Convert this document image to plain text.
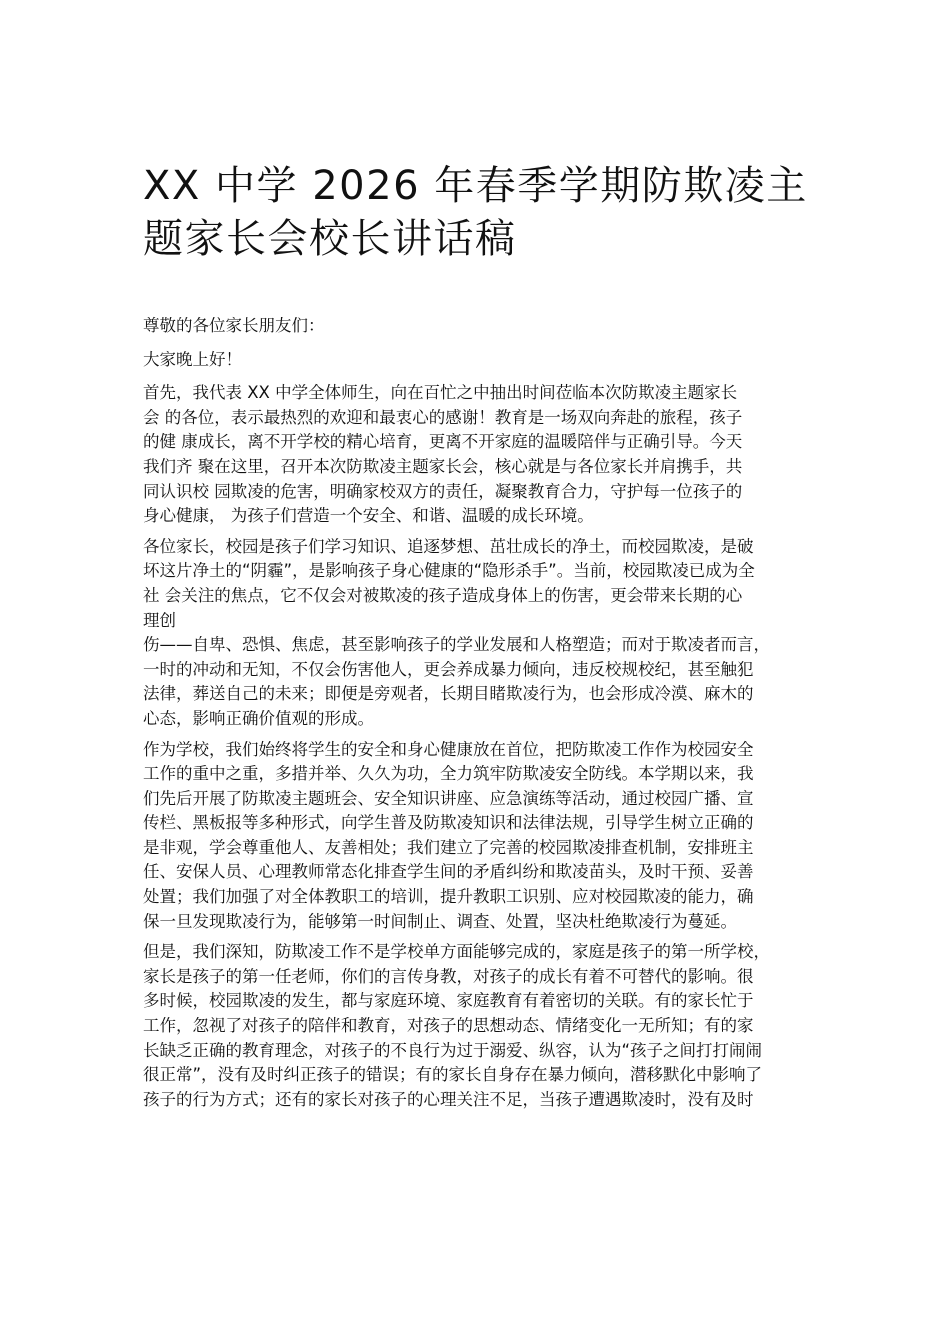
XX 中学 2026 年春季学期防欺凌主题家长会校长讲话稿

尊敬的各位家长朋友们：

大家晚上好！

首先，我代表 XX 中学全体师生，向在百忙之中抽出时间莅临本次防欺凌主题家长
会 的各位，表示最热烈的欢迎和最衷心的感谢！教育是一场双向奔赴的旅程，孩子
的健 康成长，离不开学校的精心培育，更离不开家庭的温暖陪伴与正确引导。今天
我们齐 聚在这里，召开本次防欺凌主题家长会，核心就是与各位家长并肩携手，共
同认识校 园欺凌的危害，明确家校双方的责任，凝聚教育合力，守护每一位孩子的
身心健康， 为孩子们营造一个安全、和谐、温暖的成长环境。
各位家长，校园是孩子们学习知识、追逐梦想、茁壮成长的净土，而校园欺凌，是破
坏这片净土的“阴霾”，是影响孩子身心健康的“隐形杀手”。当前，校园欺凌已成为全
社 会关注的焦点，它不仅会对被欺凌的孩子造成身体上的伤害，更会带来长期的心
理创
伤——自卑、恐惧、焦虑，甚至影响孩子的学业发展和人格塑造；而对于欺凌者而言，
一时的冲动和无知，不仅会伤害他人，更会养成暴力倾向，违反校规校纪，甚至触犯
法律，葬送自己的未来；即便是旁观者，长期目睹欺凌行为，也会形成冷漠、麻木的
心态，影响正确价值观的形成。
作为学校，我们始终将学生的安全和身心健康放在首位，把防欺凌工作作为校园安全
工作的重中之重，多措并举、久久为功，全力筑牢防欺凌安全防线。本学期以来，我
们先后开展了防欺凌主题班会、安全知识讲座、应急演练等活动，通过校园广播、宣
传栏、黑板报等多种形式，向学生普及防欺凌知识和法律法规，引导学生树立正确的
是非观，学会尊重他人、友善相处；我们建立了完善的校园欺凌排查机制，安排班主
任、安保人员、心理教师常态化排查学生间的矛盾纠纷和欺凌苗头，及时干预、妥善
处置；我们加强了对全体教职工的培训，提升教职工识别、应对校园欺凌的能力，确
保一旦发现欺凌行为，能够第一时间制止、调查、处置，坚决杜绝欺凌行为蔓延。
但是，我们深知，防欺凌工作不是学校单方面能够完成的，家庭是孩子的第一所学校，
家长是孩子的第一任老师，你们的言传身教，对孩子的成长有着不可替代的影响。很
多时候，校园欺凌的发生，都与家庭环境、家庭教育有着密切的关联。有的家长忙于
工作，忽视了对孩子的陪伴和教育，对孩子的思想动态、情绪变化一无所知；有的家
长缺乏正确的教育理念，对孩子的不良行为过于溺爱、纵容，认为“孩子之间打打闹闹
很正常”，没有及时纠正孩子的错误；有的家长自身存在暴力倾向，潜移默化中影响了
孩子的行为方式；还有的家长对孩子的心理关注不足，当孩子遭遇欺凌时，没有及时
